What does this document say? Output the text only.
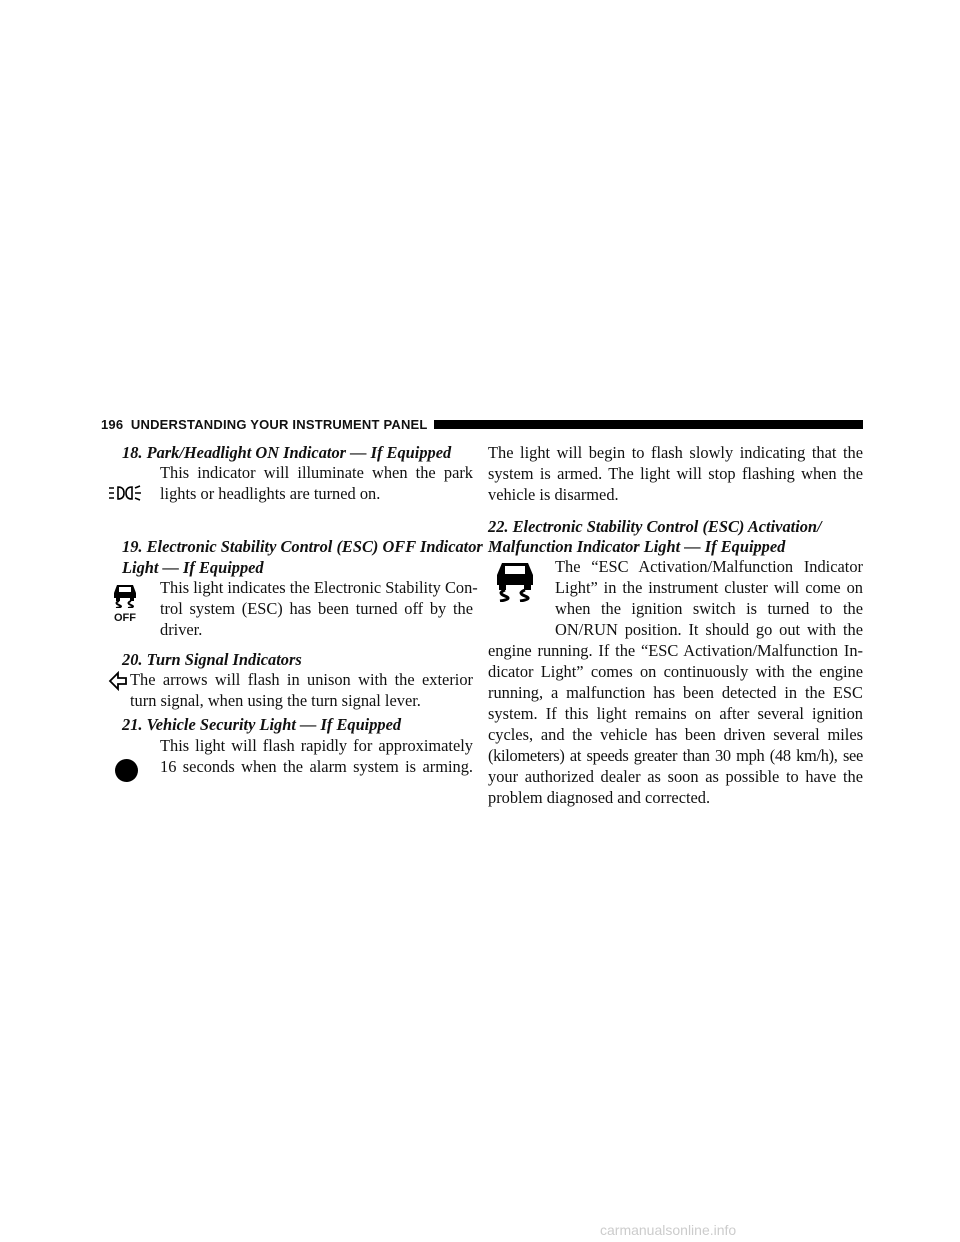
196 UNDERSTANDING YOUR INSTRUMENT PANEL
18. Park/Headlight ON Indicator — If Equipped
This indicator will illuminate when the park
lights or headlights are turned on.
19. Electronic Stability Control (ESC) OFF Indicator
Light — If Equipped
This light indicates the Electronic Stability Con-
trol system (ESC) has been turned off by the
driver.
OFF
20. Turn Signal Indicators
The arrows will flash in unison with the exterior
turn signal, when using the turn signal lever.
21. Vehicle Security Light — If Equipped
This light will flash rapidly for approximately
16 seconds when the alarm system is arming.
The light will begin to flash slowly indicating that the
system is armed. The light will stop flashing when the
vehicle is disarmed.
22. Electronic Stability Control (ESC) Activation/
Malfunction Indicator Light — If Equipped
The “ESC Activation/Malfunction Indicator
Light” in the instrument cluster will come on
when the ignition switch is turned to the
ON/RUN position. It should go out with the
engine running. If the “ESC Activation/Malfunction In-
dicator Light” comes on continuously with the engine
running, a malfunction has been detected in the ESC
system. If this light remains on after several ignition
cycles, and the vehicle has been driven several miles
(kilometers) at speeds greater than 30 mph (48 km/h), see
your authorized dealer as soon as possible to have the
problem diagnosed and corrected.
carmanualsonline.info
